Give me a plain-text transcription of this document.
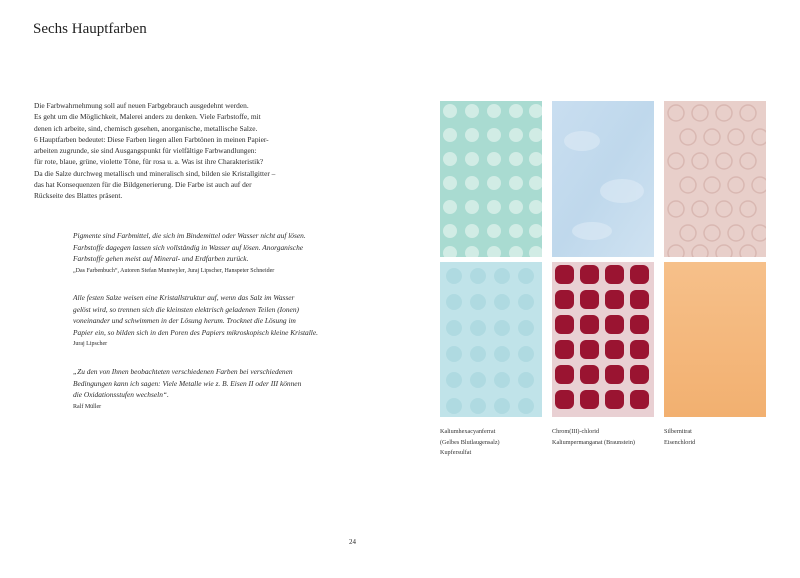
Sechs Hauptfarben

Die Farbwahrnehmung soll auf neuen Farbgebrauch ausgedehnt werden.

Es geht um die Möglichkeit, Malerei anders zu denken. Viele Farbstoffe, mit

denen ich arbeite, sind, chemisch gesehen, anorganische, metallische Salze.

6 Hauptfarben bedeutet: Diese Farben liegen allen Farbtönen in meinen Papier-

arbeiten zugrunde, sie sind Ausgangspunkt für vielfältige Farbwandlungen:

für rote, blaue, grüne, violette Töne, für rosa u. a. Was ist ihre Charakteristik?

Da die Salze durchweg metallisch und mineralisch sind, bilden sie Kristallgitter –

das hat Konsequenzen für die Bildgenerierung. Die Farbe ist auch auf der

Rückseite des Blattes präsent.

Pigmente sind Farbmittel, die sich im Bindemittel oder Wasser nicht auf lösen.

Farbstoffe dagegen lassen sich vollständig in Wasser auf lösen. Anorganische

Farbstoffe gehen meist auf Mineral- und Erdfarben zurück.

„Das Farbenbuch“, Autoren Stefan Muntwyler, Juraj Lipscher, Hanspeter Schneider

Alle festen Salze weisen eine Kristallstruktur auf, wenn das Salz im Wasser

gelöst wird, so trennen sich die kleinsten elektrisch geladenen Teilen (Ionen)

voneinander und schwimmen in der Lösung herum. Trocknet die Lösung im

Papier ein, so bilden sich in den Poren des Papiers mikroskopisch kleine Kristalle.

Juraj Lipscher

„Zu den von Ihnen beobachteten verschiedenen Farben bei verschiedenen

Bedingungen kann ich sagen: Viele Metalle wie z. B. Eisen II oder III können

die Oxidationsstufen wechseln“.

Ralf Müller

24
Kaliumhexacyanferrat
(Gelbes Blutlaugensalz)
Kupfersulfat
Chrom(III)-chlorid
Kaliumpermanganat (Braunstein)
Silbernitrat
Eisenchlorid
